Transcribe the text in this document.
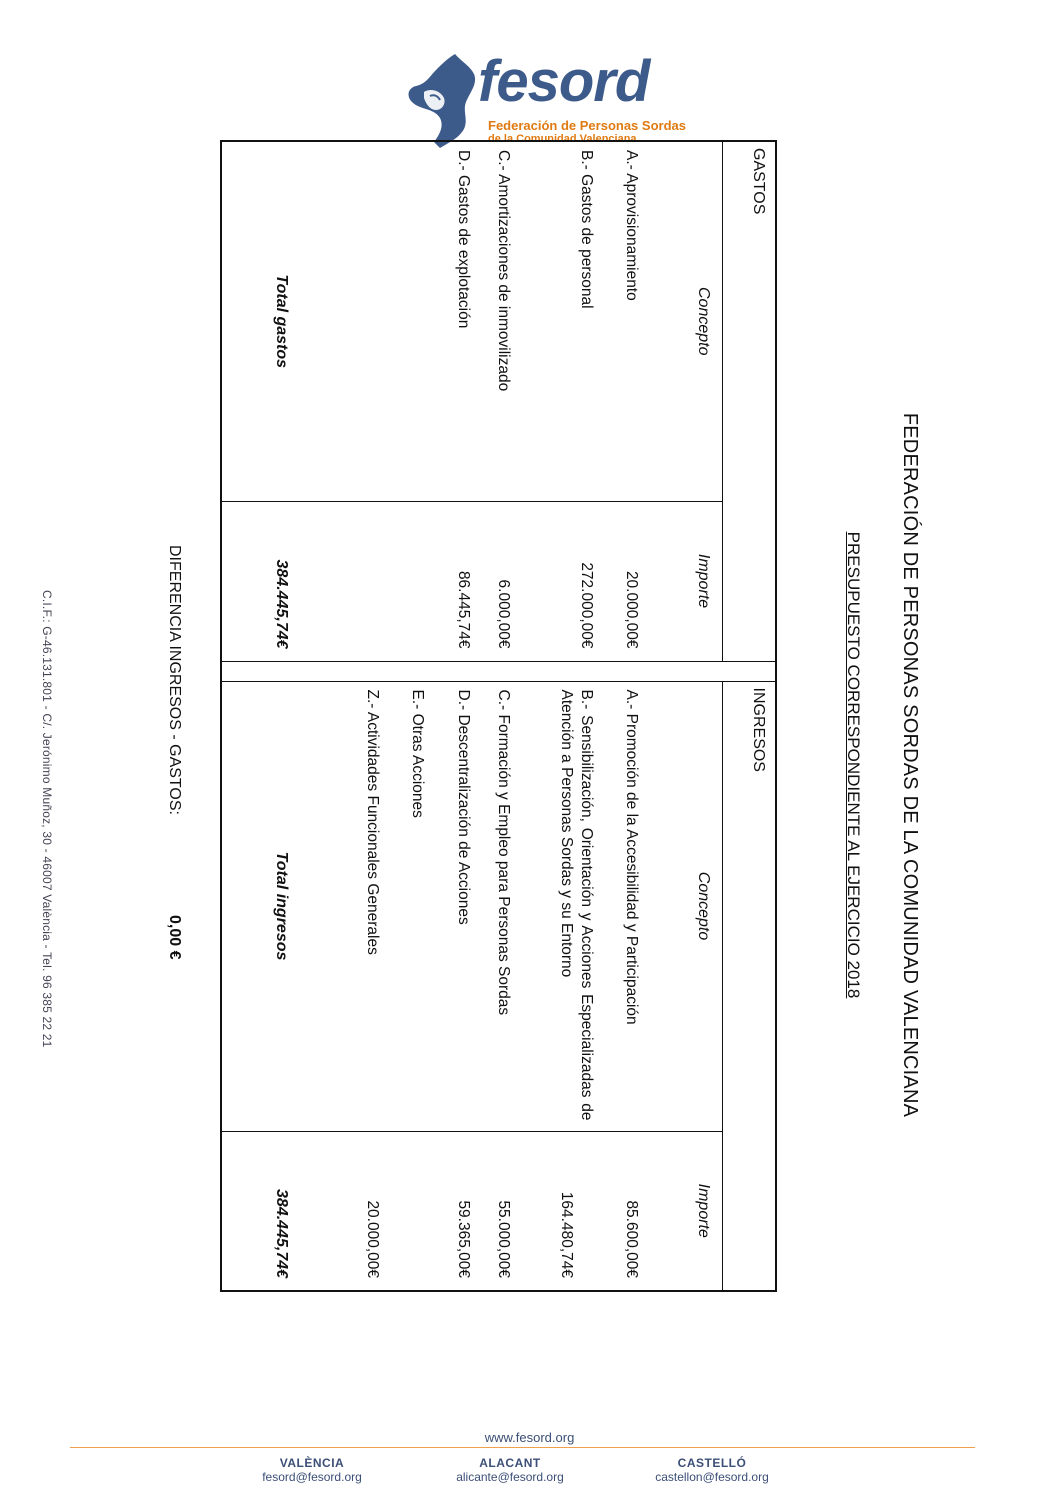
fesord
Federación de Personas Sordas
de la Comunidad Valenciana
FEDERACIÓN DE PERSONAS SORDAS DE LA COMUNIDAD VALENCIANA
PRESUPUESTO CORRESPONDIENTE AL EJERCICIO 2018
GASTOS			INGRESOS	
Concepto	Importe		Concepto	Importe
A.- Aprovisionamiento	20.000,00€		A.- Promoción de la Accesibilidad y Participación	85.600,00€
B.- Gastos de personal	272.000,00€		B.- Sensibilización, Orientación y Acciones Especializadas de Atención a Personas Sordas y su Entorno	164.480,74€
C.- Amortizaciones de inmovilizado	6.000,00€		C.- Formación y Empleo para Personas Sordas	55.000,00€
D.- Gastos de explotación	86.445,74€		D.- Descentralización de Acciones	59.365,00€
			E.- Otras Acciones	
			Z.- Actividades Funcionales Generales	20.000,00€
Total gastos	384.445,74€		Total ingresos	384.445,74€
DIFERENCIA INGRESOS - GASTOS:
0,00 €
C.I.F.: G-46.131.801 - C/. Jerónimo Muñoz, 30 - 46007 València - Tel. 96 385 22 21
www.fesord.org
VALÈNCIA
fesord@fesord.org
ALACANT
alicante@fesord.org
CASTELLÓ
castellon@fesord.org
